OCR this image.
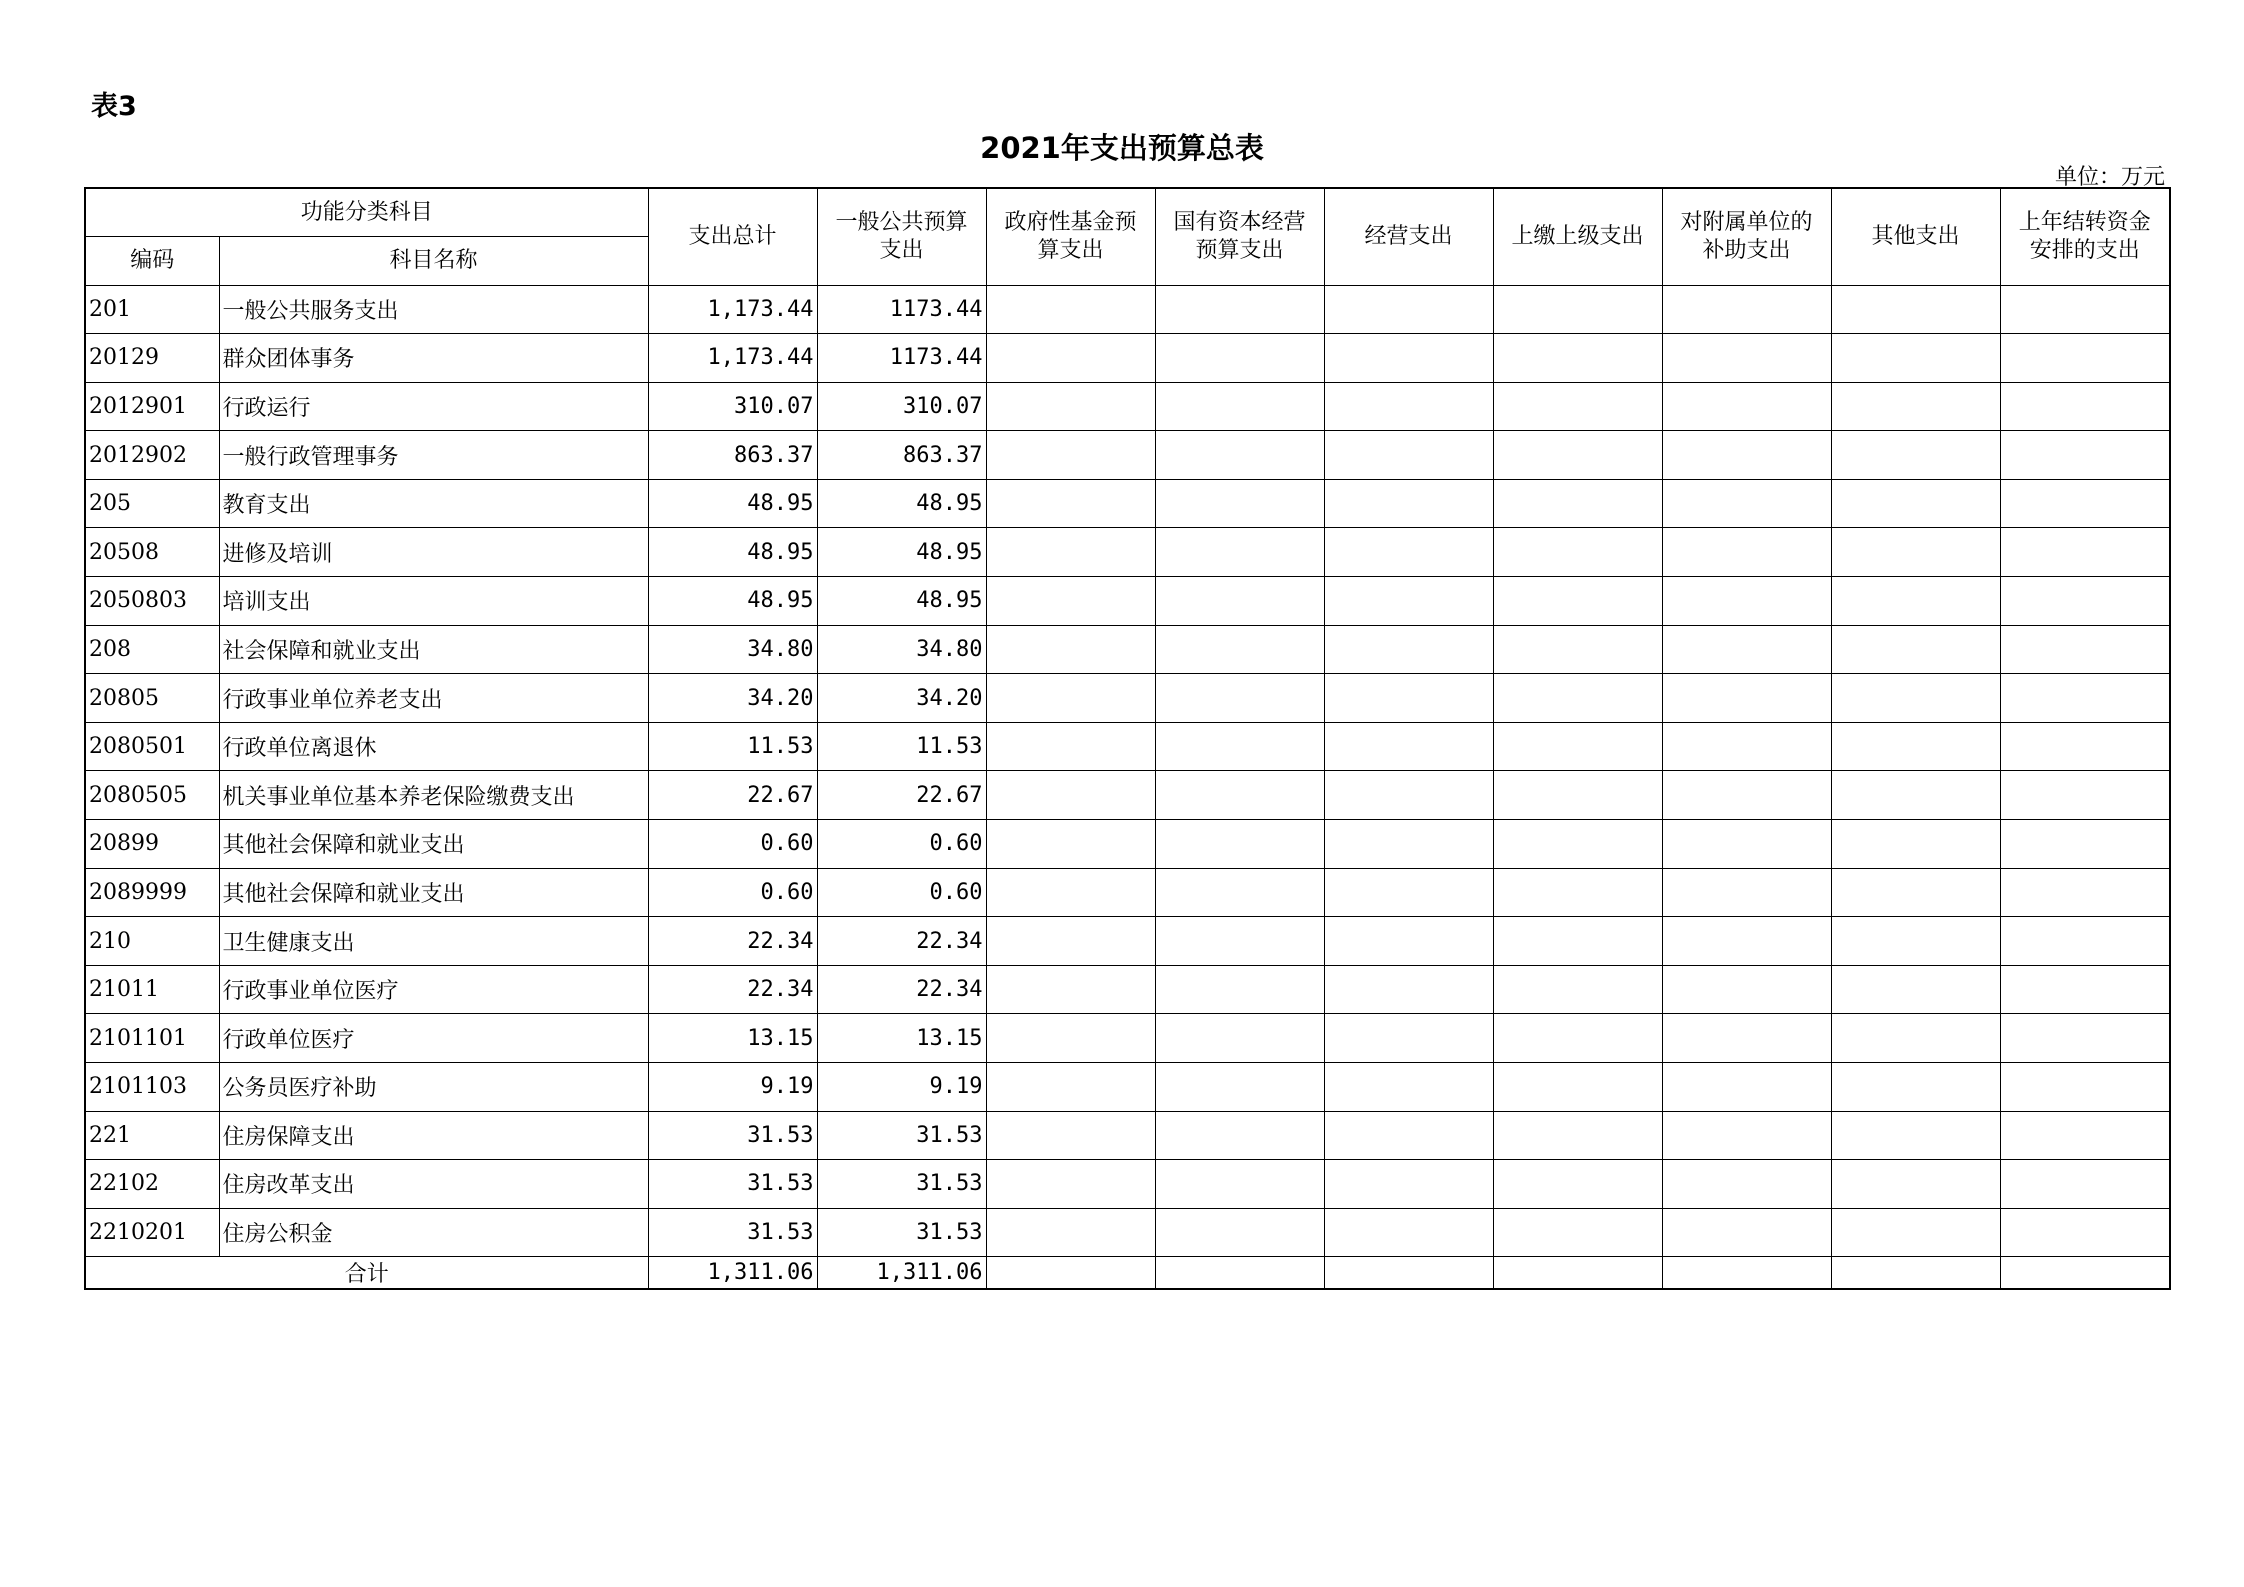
表3
2021年支出预算总表
单位：万元
功能分类科目		支出总计	一般公共预算支出	政府性基金预算支出	国有资本经营预算支出	经营支出	上缴上级支出	对附属单位的补助支出	其他支出	上年结转资金安排的支出
编码	科目名称									
201	一般公共服务支出	1,173.44	1173.44							
20129	群众团体事务	1,173.44	1173.44							
2012901	行政运行	310.07	310.07							
2012902	一般行政管理事务	863.37	863.37							
205	教育支出	48.95	48.95							
20508	进修及培训	48.95	48.95							
2050803	培训支出	48.95	48.95							
208	社会保障和就业支出	34.80	34.80							
20805	行政事业单位养老支出	34.20	34.20							
2080501	行政单位离退休	11.53	11.53							
2080505	机关事业单位基本养老保险缴费支出	22.67	22.67							
20899	其他社会保障和就业支出	0.60	0.60							
2089999	其他社会保障和就业支出	0.60	0.60							
210	卫生健康支出	22.34	22.34							
21011	行政事业单位医疗	22.34	22.34							
2101101	行政单位医疗	13.15	13.15							
2101103	公务员医疗补助	9.19	9.19							
221	住房保障支出	31.53	31.53							
22102	住房改革支出	31.53	31.53							
2210201	住房公积金	31.53	31.53							
合计		1,311.06	1,311.06							
